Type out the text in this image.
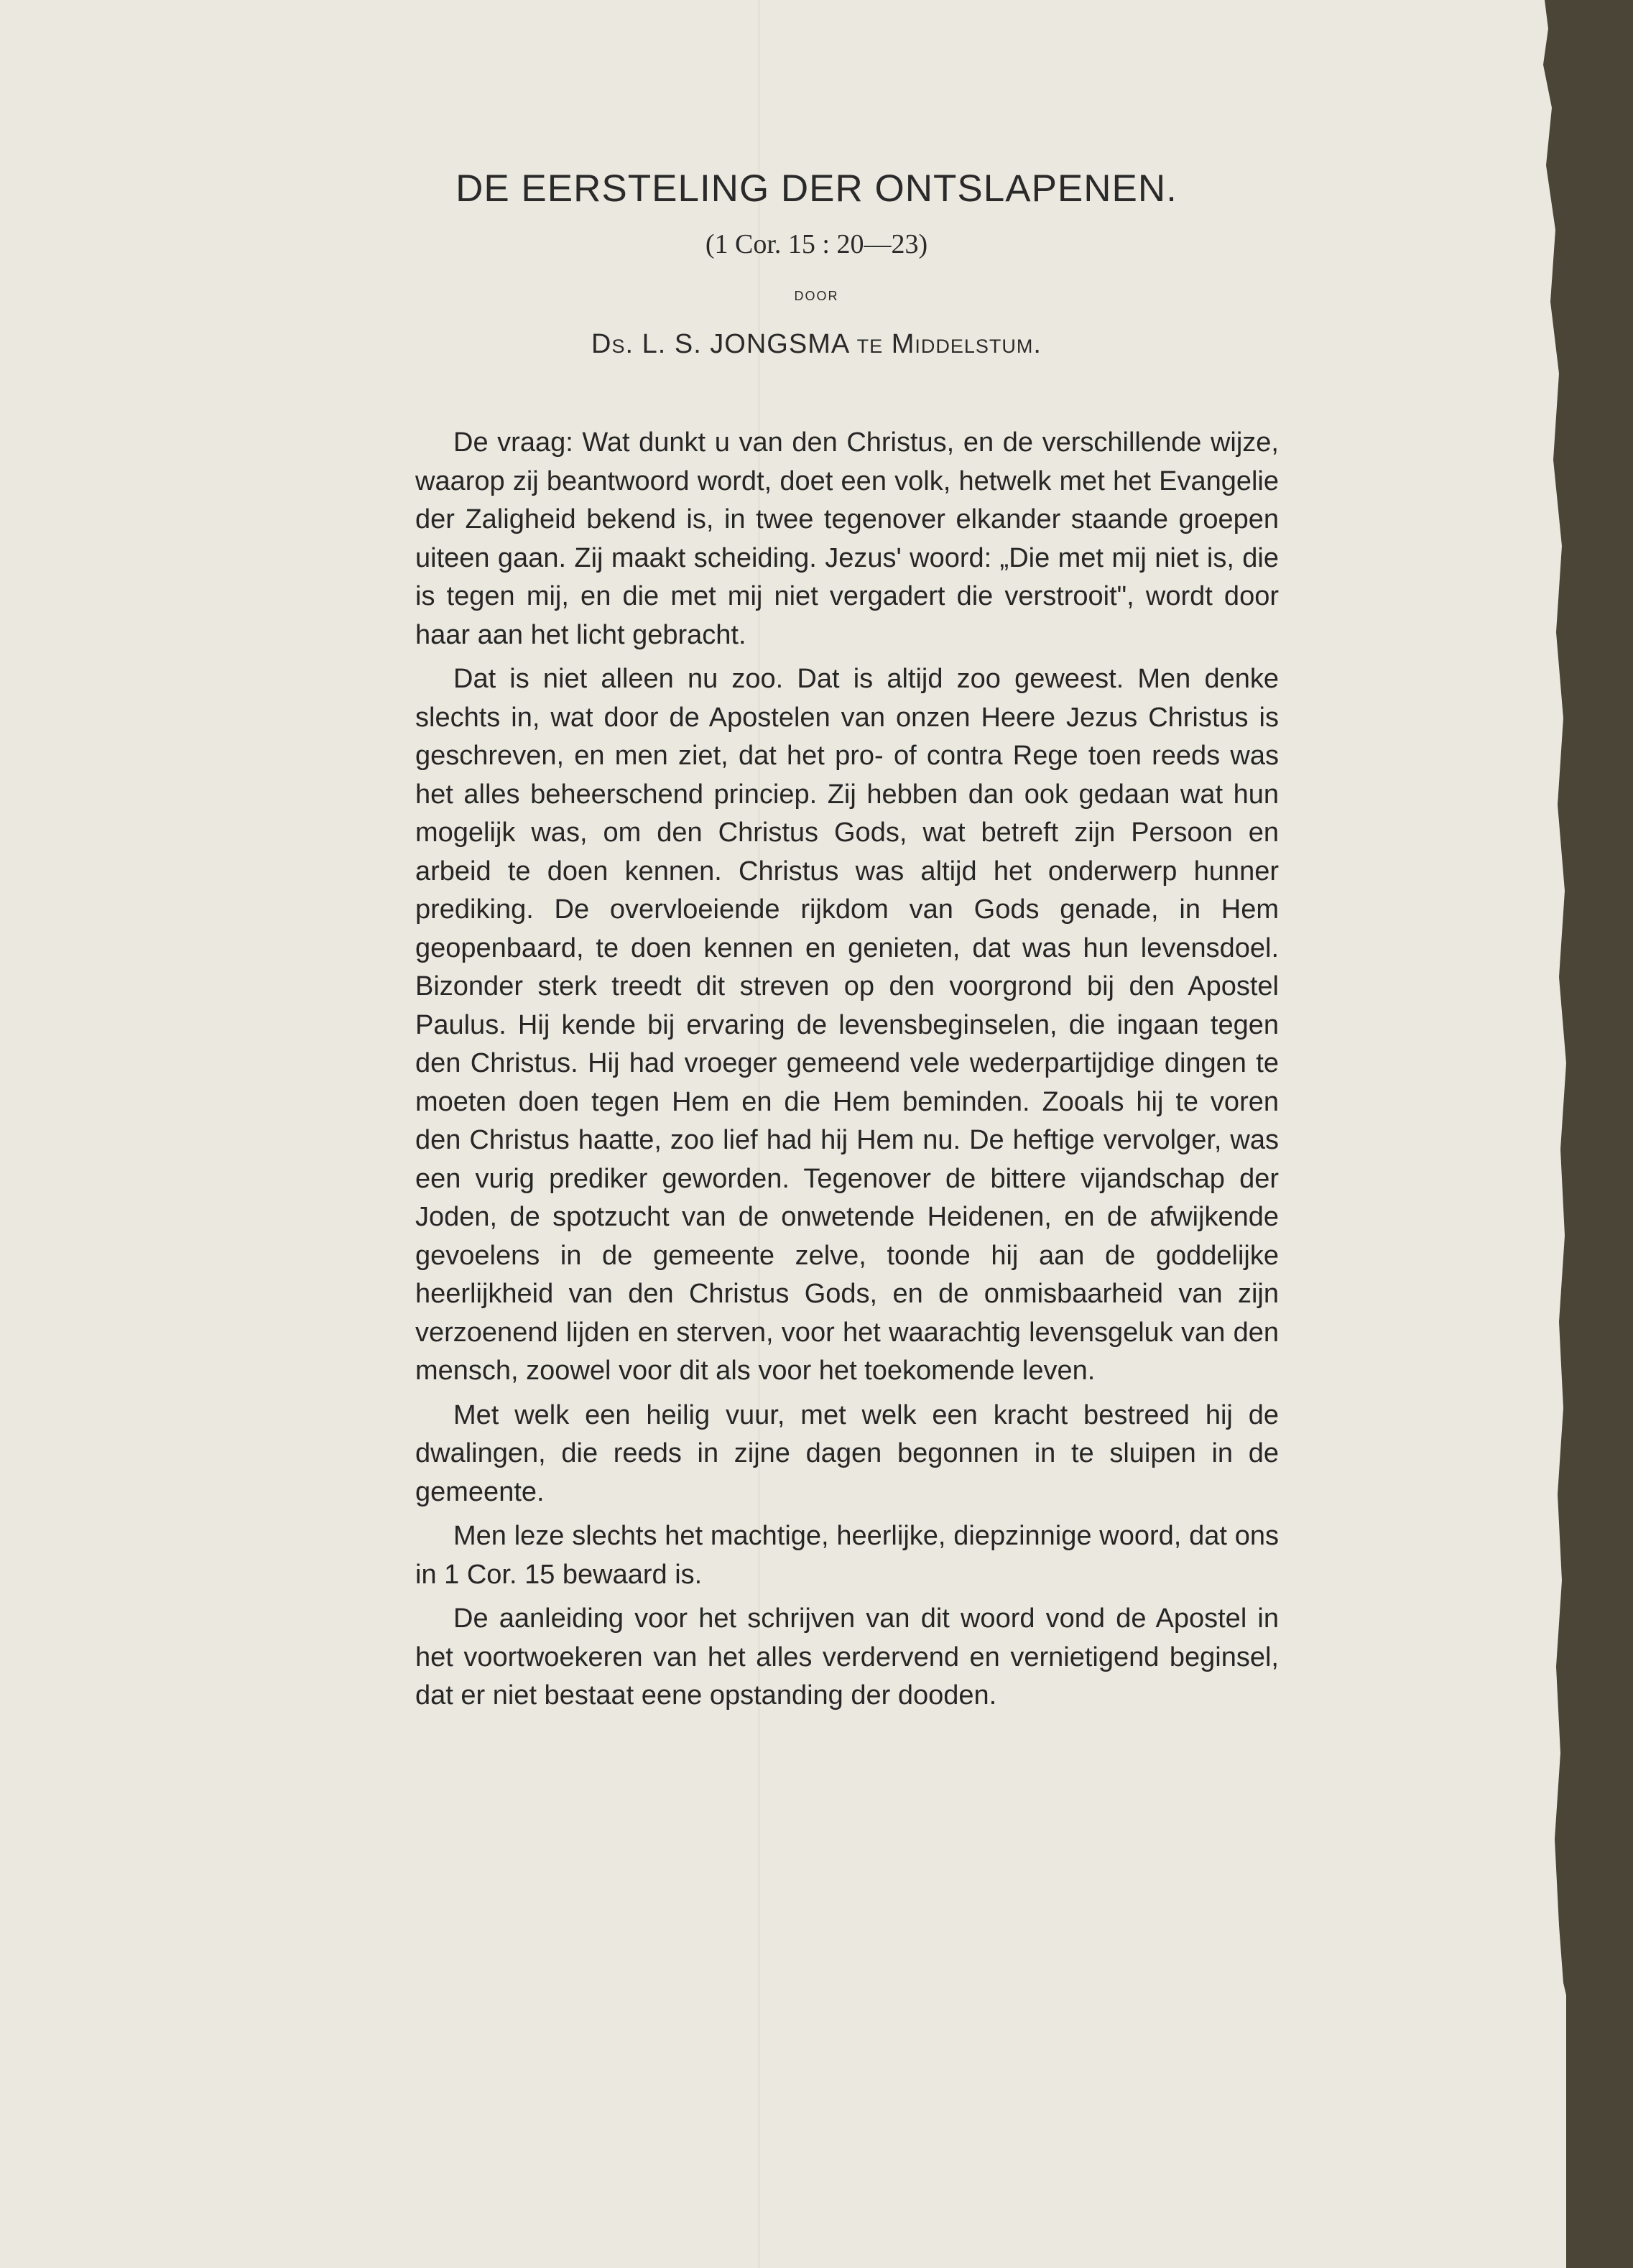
DE EERSTELING DER ONTSLAPENEN.
(1 Cor. 15 : 20—23)
door
Ds. L. S. JONGSMA te Middelstum.

De vraag: Wat dunkt u van den Christus, en de verschillende wijze, waarop zij beantwoord wordt, doet een volk, hetwelk met het Evangelie der Zaligheid bekend is, in twee tegenover elkander staande groepen uiteen gaan. Zij maakt scheiding. Jezus' woord: „Die met mij niet is, die is tegen mij, en die met mij niet vergadert die verstrooit", wordt door haar aan het licht gebracht.

Dat is niet alleen nu zoo. Dat is altijd zoo geweest. Men denke slechts in, wat door de Apostelen van onzen Heere Jezus Christus is geschreven, en men ziet, dat het pro- of contra Rege toen reeds was het alles beheerschend princiep. Zij hebben dan ook gedaan wat hun mogelijk was, om den Christus Gods, wat betreft zijn Persoon en arbeid te doen kennen. Christus was altijd het onderwerp hunner prediking. De overvloeiende rijkdom van Gods genade, in Hem geopenbaard, te doen kennen en genieten, dat was hun levensdoel. Bizonder sterk treedt dit streven op den voorgrond bij den Apostel Paulus. Hij kende bij ervaring de levensbeginselen, die ingaan tegen den Christus. Hij had vroeger gemeend vele wederpartijdige dingen te moeten doen tegen Hem en die Hem beminden. Zooals hij te voren den Christus haatte, zoo lief had hij Hem nu. De heftige vervolger, was een vurig prediker geworden. Tegenover de bittere vijandschap der Joden, de spotzucht van de onwetende Heidenen, en de afwijkende gevoelens in de gemeente zelve, toonde hij aan de goddelijke heerlijkheid van den Christus Gods, en de onmisbaarheid van zijn verzoenend lijden en sterven, voor het waarachtig levensgeluk van den mensch, zoowel voor dit als voor het toekomende leven.

Met welk een heilig vuur, met welk een kracht bestreed hij de dwalingen, die reeds in zijne dagen begonnen in te sluipen in de gemeente.

Men leze slechts het machtige, heerlijke, diepzinnige woord, dat ons in 1 Cor. 15 bewaard is.

De aanleiding voor het schrijven van dit woord vond de Apostel in het voortwoekeren van het alles verdervend en vernietigend beginsel, dat er niet bestaat eene opstanding der dooden.
